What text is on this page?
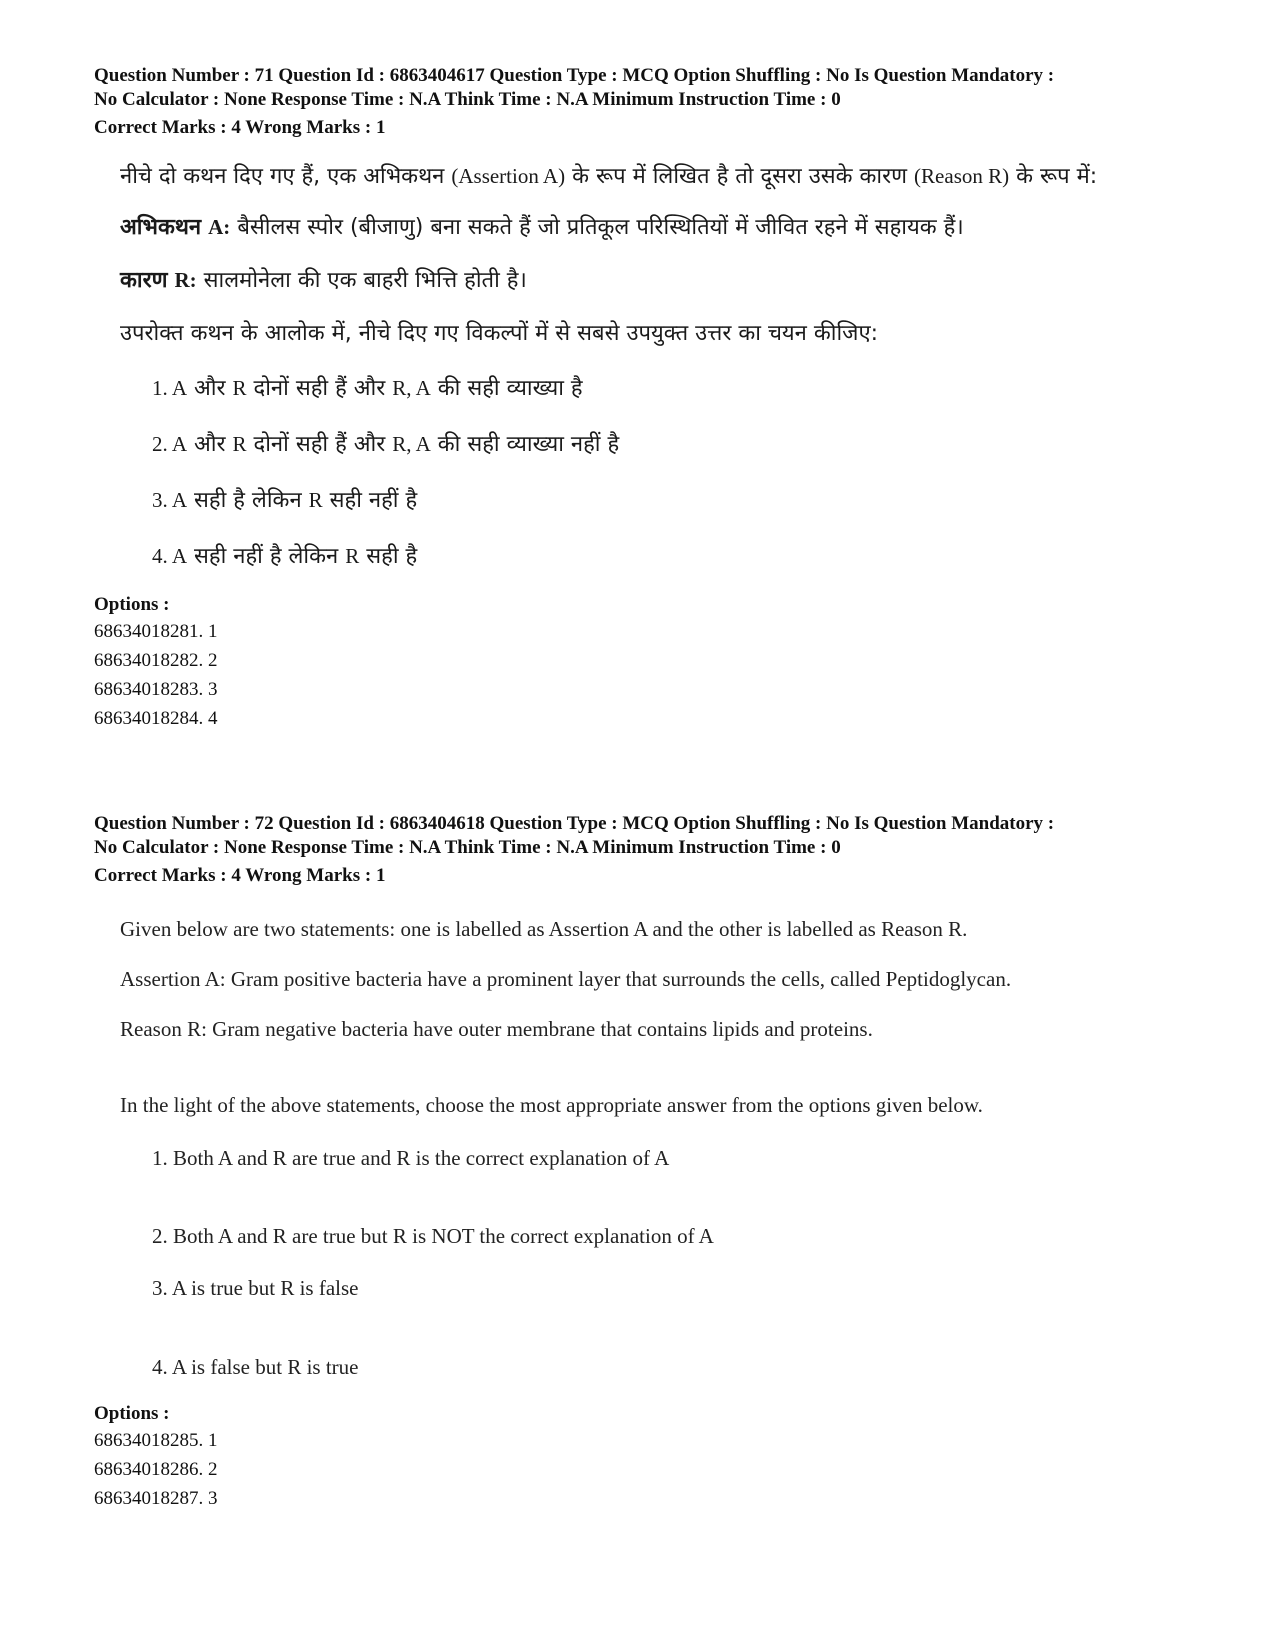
Question Number : 71 Question Id : 6863404617 Question Type : MCQ Option Shuffling : No Is Question Mandatory :

No Calculator : None Response Time : N.A Think Time : N.A Minimum Instruction Time : 0

Correct Marks : 4 Wrong Marks : 1

नीचे दो कथन दिए गए हैं, एक अभिकथन (Assertion A) के रूप में लिखित है तो दूसरा उसके कारण (Reason R) के रूप में:

अभिकथन A: बैसीलस स्पोर (बीजाणु) बना सकते हैं जो प्रतिकूल परिस्थितियों में जीवित रहने में सहायक हैं।

कारण R: सालमोनेला की एक बाहरी भित्ति होती है।

उपरोक्त कथन के आलोक में, नीचे दिए गए विकल्पों में से सबसे उपयुक्त उत्तर का चयन कीजिए:

1. A और R दोनों सही हैं और R, A की सही व्याख्या है
2. A और R दोनों सही हैं और R, A की सही व्याख्या नहीं है
3. A सही है लेकिन R सही नहीं है
4. A सही नहीं है लेकिन R सही है
Options :
68634018281. 1
68634018282. 2
68634018283. 3
68634018284. 4

Question Number : 72 Question Id : 6863404618 Question Type : MCQ Option Shuffling : No Is Question Mandatory :

No Calculator : None Response Time : N.A Think Time : N.A Minimum Instruction Time : 0

Correct Marks : 4 Wrong Marks : 1

Given below are two statements: one is labelled as Assertion A and the other is labelled as Reason R.

Assertion A: Gram positive bacteria have a prominent layer that surrounds the cells, called Peptidoglycan.

Reason R: Gram negative bacteria have outer membrane that contains lipids and proteins.

In the light of the above statements, choose the most appropriate answer from the options given below.

1. Both A and R are true and R is the correct explanation of A
2. Both A and R are true but R is NOT the correct explanation of A
3. A is true but R is false
4. A is false but R is true
Options :
68634018285. 1
68634018286. 2
68634018287. 3
